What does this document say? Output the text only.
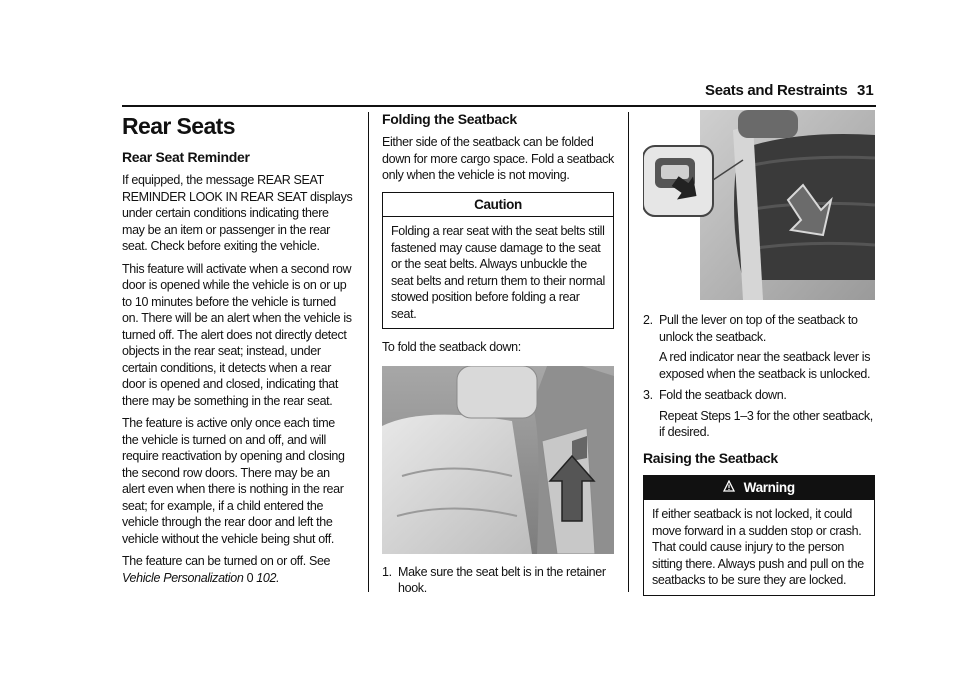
Seats and Restraints 31
Rear Seats
Rear Seat Reminder

If equipped, the message REAR SEAT REMINDER LOOK IN REAR SEAT displays under certain conditions indicating there may be an item or passenger in the rear seat. Check before exiting the vehicle.

This feature will activate when a second row door is opened while the vehicle is on or up to 10 minutes before the vehicle is turned on. There will be an alert when the vehicle is turned off. The alert does not directly detect objects in the rear seat; instead, under certain conditions, it detects when a rear door is opened and closed, indicating that there may be something in the rear seat.

The feature is active only once each time the vehicle is turned on and off, and will require reactivation by opening and closing the second row doors. There may be an alert even when there is nothing in the rear seat; for example, if a child entered the vehicle through the rear door and left the vehicle without the vehicle being shut off.

The feature can be turned on or off. See Vehicle Personalization 0 102.

Folding the Seatback

Either side of the seatback can be folded down for more cargo space. Fold a seatback only when the vehicle is not moving.

Caution
Folding a rear seat with the seat belts still fastened may cause damage to the seat or the seat belts. Always unbuckle the seat belts and return them to their normal stowed position before folding a rear seat.

To fold the seatback down:

1. Make sure the seat belt is in the retainer hook.
2. Pull the lever on top of the seatback to unlock the seatback.
A red indicator near the seatback lever is exposed when the seatback is unlocked.
3. Fold the seatback down.
Repeat Steps 1–3 for the other seatback, if desired.
Raising the Seatback
Warning
If either seatback is not locked, it could move forward in a sudden stop or crash. That could cause injury to the person sitting there. Always push and pull on the seatbacks to be sure they are locked.
